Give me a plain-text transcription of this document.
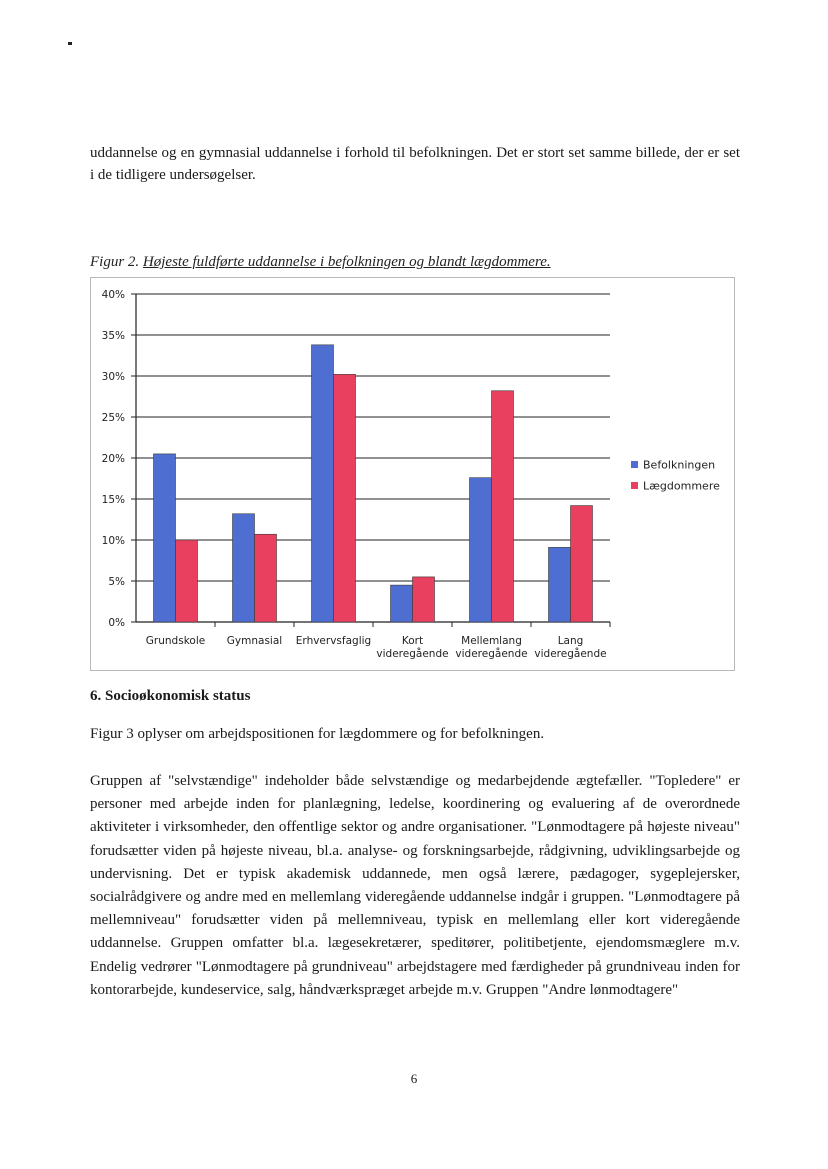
uddannelse og en gymnasial uddannelse i forhold til befolkningen. Det er stort set samme billede, der er set i de tidligere undersøgelser.

Figur 2. Højeste fuldførte uddannelse i befolkningen og blandt lægdommere.
0%
5%
10%
15%
20%
25%
30%
35%
40%
Grundskole Gymnasial Erhvervsfaglig	Kort
videregående
Mellemlang
videregående
Lang
videregående
Befolkningen
Lægdommere
6. Socioøkonomisk status

Figur 3 oplyser om arbejdspositionen for lægdommere og for befolkningen.

Gruppen af "selvstændige" indeholder både selvstændige og medarbejdende ægtefæller. "Topledere" er personer med arbejde inden for planlægning, ledelse, koordinering og evaluering af de overordnede aktiviteter i virksomheder, den offentlige sektor og andre organisationer. "Lønmodtagere på højeste niveau" forudsætter viden på højeste niveau, bl.a. analyse- og forskningsarbejde, rådgivning, udviklingsarbejde og undervisning. Det er typisk akademisk uddannede, men også lærere, pædagoger, sygeplejersker, socialrådgivere og andre med en mellemlang videregående uddannelse indgår i gruppen. "Lønmodtagere på mellemniveau" forudsætter viden på mellemniveau, typisk en mellemlang eller kort videregående uddannelse. Gruppen omfatter bl.a. lægesekretærer, speditører, politibetjente, ejendomsmæglere m.v. Endelig vedrører "Lønmodtagere på grundniveau" arbejdstagere med færdigheder på grundniveau inden for kontorarbejde, kundeservice, salg, håndværkspræget arbejde m.v. Gruppen "Andre lønmodtagere"

6
